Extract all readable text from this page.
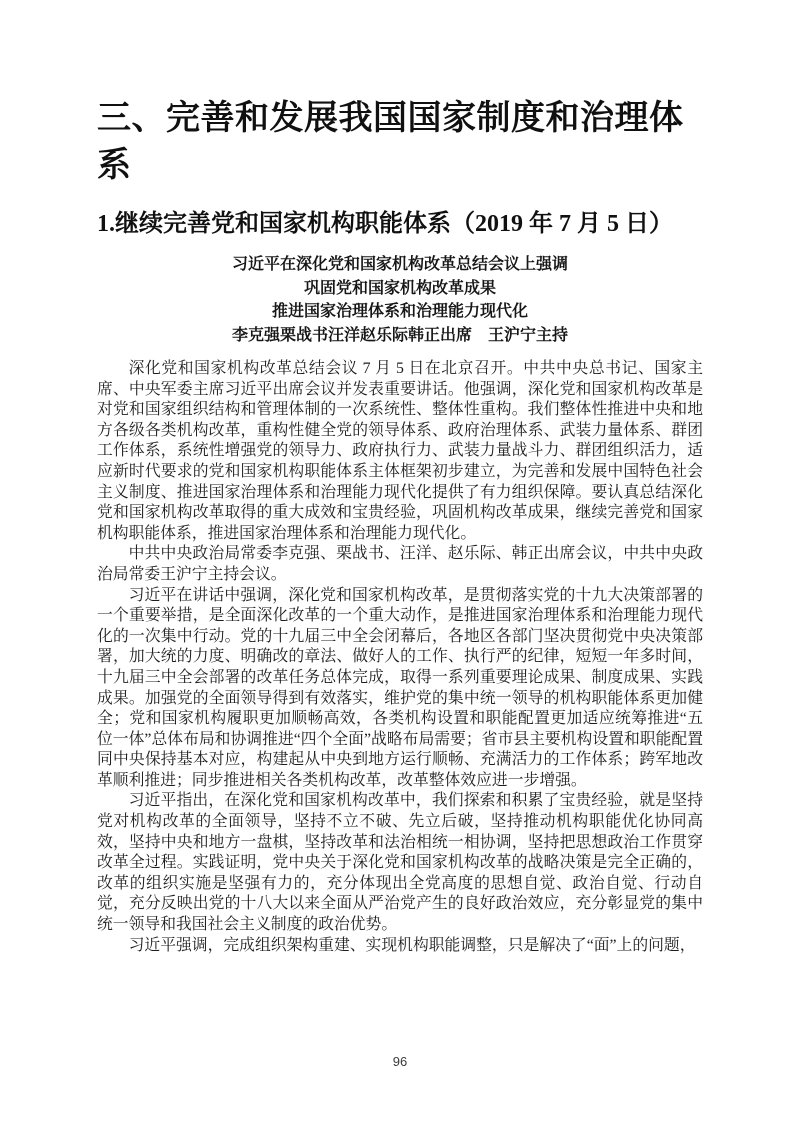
三、完善和发展我国国家制度和治理体系
1.继续完善党和国家机构职能体系（2019 年 7 月 5 日）
习近平在深化党和国家机构改革总结会议上强调
巩固党和国家机构改革成果
推进国家治理体系和治理能力现代化
李克强栗战书汪洋赵乐际韩正出席　王沪宁主持

深化党和国家机构改革总结会议 7 月 5 日在北京召开。中共中央总书记、国家主席、中央军委主席习近平出席会议并发表重要讲话。他强调，深化党和国家机构改革是对党和国家组织结构和管理体制的一次系统性、整体性重构。我们整体性推进中央和地方各级各类机构改革，重构性健全党的领导体系、政府治理体系、武装力量体系、群团工作体系，系统性增强党的领导力、政府执行力、武装力量战斗力、群团组织活力，适应新时代要求的党和国家机构职能体系主体框架初步建立，为完善和发展中国特色社会主义制度、推进国家治理体系和治理能力现代化提供了有力组织保障。要认真总结深化党和国家机构改革取得的重大成效和宝贵经验，巩固机构改革成果，继续完善党和国家机构职能体系，推进国家治理体系和治理能力现代化。

中共中央政治局常委李克强、栗战书、汪洋、赵乐际、韩正出席会议，中共中央政治局常委王沪宁主持会议。

习近平在讲话中强调，深化党和国家机构改革，是贯彻落实党的十九大决策部署的一个重要举措，是全面深化改革的一个重大动作，是推进国家治理体系和治理能力现代化的一次集中行动。党的十九届三中全会闭幕后，各地区各部门坚决贯彻党中央决策部署，加大统的力度、明确改的章法、做好人的工作、执行严的纪律，短短一年多时间，十九届三中全会部署的改革任务总体完成，取得一系列重要理论成果、制度成果、实践成果。加强党的全面领导得到有效落实，维护党的集中统一领导的机构职能体系更加健全；党和国家机构履职更加顺畅高效，各类机构设置和职能配置更加适应统筹推进“五位一体”总体布局和协调推进“四个全面”战略布局需要；省市县主要机构设置和职能配置同中央保持基本对应，构建起从中央到地方运行顺畅、充满活力的工作体系；跨军地改革顺利推进；同步推进相关各类机构改革，改革整体效应进一步增强。

习近平指出，在深化党和国家机构改革中，我们探索和积累了宝贵经验，就是坚持党对机构改革的全面领导，坚持不立不破、先立后破，坚持推动机构职能优化协同高效，坚持中央和地方一盘棋，坚持改革和法治相统一相协调，坚持把思想政治工作贯穿改革全过程。实践证明，党中央关于深化党和国家机构改革的战略决策是完全正确的，改革的组织实施是坚强有力的，充分体现出全党高度的思想自觉、政治自觉、行动自觉，充分反映出党的十八大以来全面从严治党产生的良好政治效应，充分彰显党的集中统一领导和我国社会主义制度的政治优势。

习近平强调，完成组织架构重建、实现机构职能调整，只是解决了“面”上的问题，

96
